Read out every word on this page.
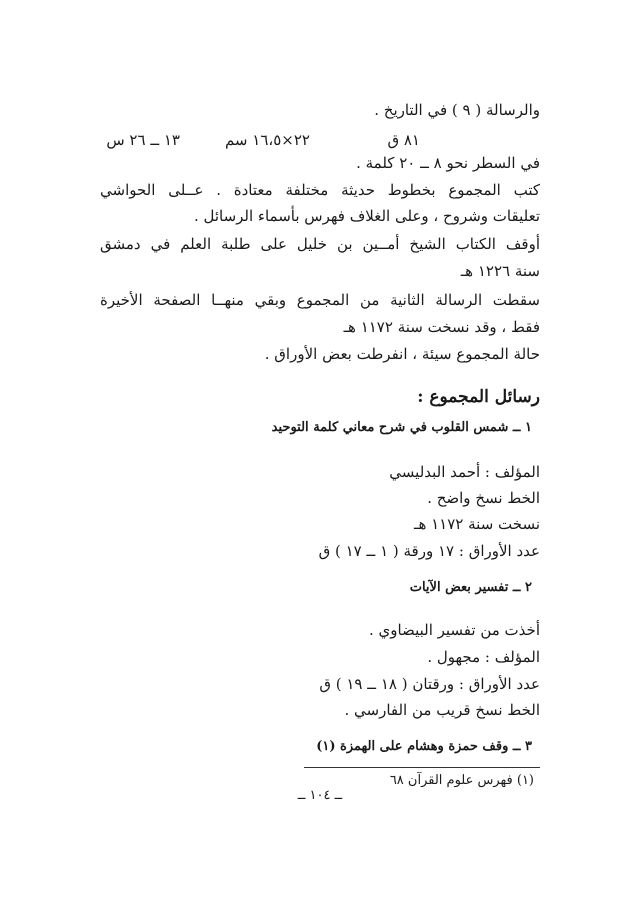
والرسالة ( ٩ ) في التاريخ .
٨١ ق
٢٢×١٦،٥ سم
١٣ ــ ٢٦ س
في السطر نحو ٨ ــ ٢٠ كلمة .
كتب المجموع بخطوط حديثة مختلفة معتادة . عــلى الحواشي
تعليقات وشروح ، وعلى الغلاف فهرس بأسماء الرسائل .
أوقف الكتاب الشيخ أمــين بن خليل على طلبة العلم في دمشق
سنة ١٢٢٦ هـ
سقطت الرسالة الثانية من المجموع وبقي منهــا الصفحة الأخيرة
فقط ، وقد نسخت سنة ١١٧٢ هـ
حالة المجموع سيئة ، انفرطت بعض الأوراق .
رسائل المجموع :
١ ــ شمس القلوب في شرح معاني كلمة التوحيد
المؤلف : أحمد البدليسي
الخط نسخ واضح .
نسخت سنة ١١٧٢ هـ
عدد الأوراق : ١٧ ورقة ( ١ ــ ١٧ ) ق
٢ ــ تفسير بعض الآيات
أخذت من تفسير البيضاوي .
المؤلف : مجهول .
عدد الأوراق : ورقتان ( ١٨ ــ ١٩ ) ق
الخط نسخ قريب من الفارسي .
٣ ــ وقف حمزة وهشام على الهمزة (١)
(١) فهرس علوم القرآن ٦٨
ــ ١٠٤ ــ
